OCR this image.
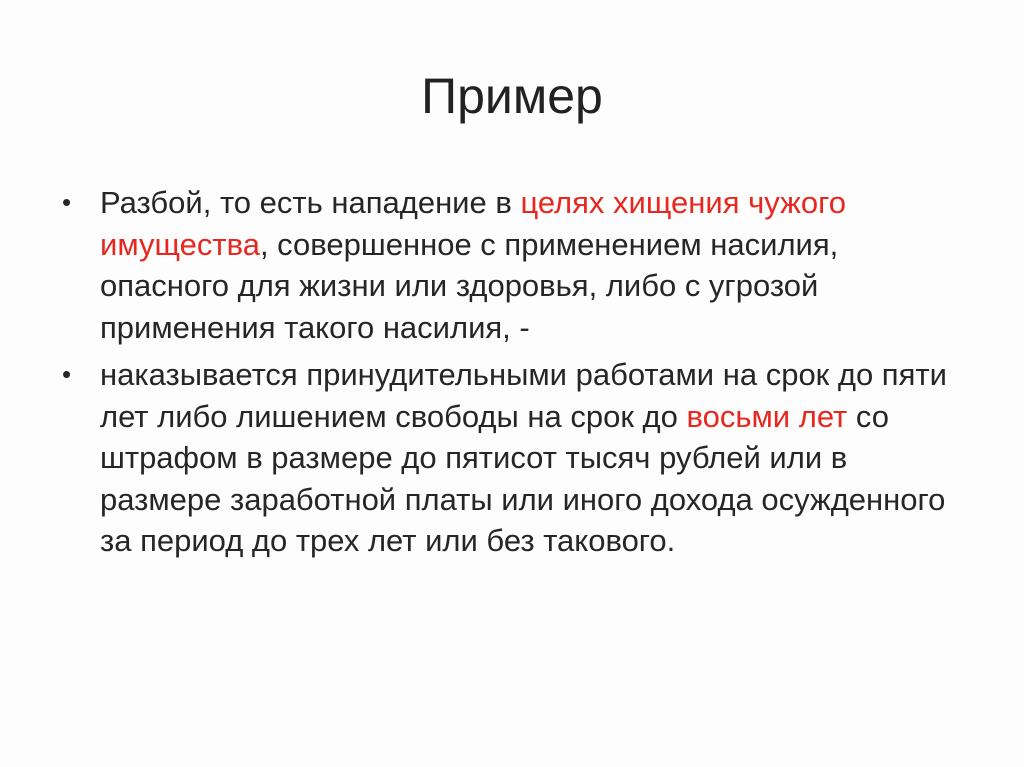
Пример
• Разбой, то есть нападение в целях хищения чужого имущества, совершенное с применением насилия, опасного для жизни или здоровья, либо с угрозой применения такого насилия, -
• наказывается принудительными работами на срок до пяти лет либо лишением свободы на срок до восьми лет со штрафом в размере до пятисот тысяч рублей или в размере заработной платы или иного дохода осужденного за период до трех лет или без такового.
